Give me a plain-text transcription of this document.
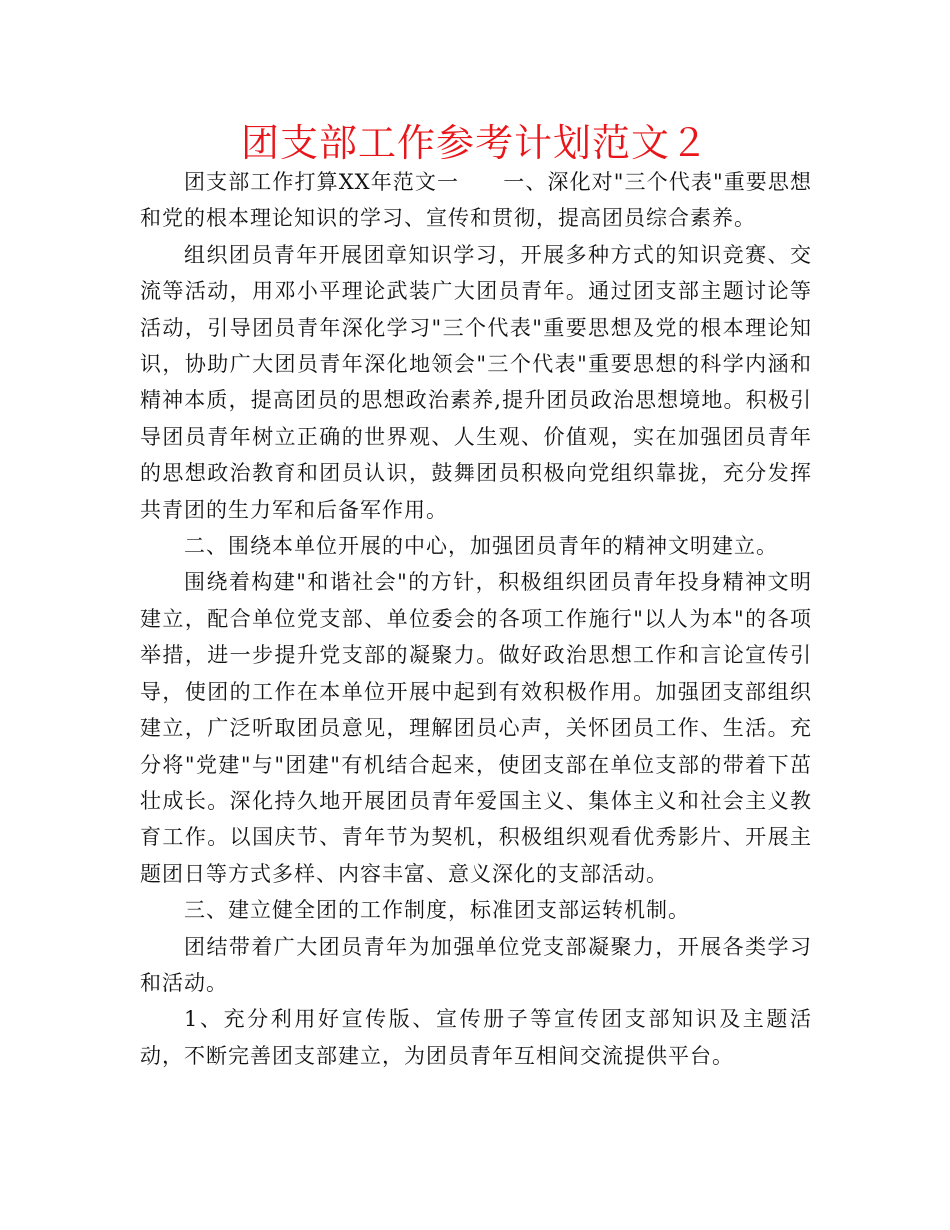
团支部工作参考计划范文２

团支部工作打算XX年范文一　　一、深化对"三个代表"重要思想和党的根本理论知识的学习、宣传和贯彻，提高团员综合素养。

组织团员青年开展团章知识学习，开展多种方式的知识竞赛、交流等活动，用邓小平理论武装广大团员青年。通过团支部主题讨论等活动，引导团员青年深化学习"三个代表"重要思想及党的根本理论知识，协助广大团员青年深化地领会"三个代表"重要思想的科学内涵和精神本质，提高团员的思想政治素养,提升团员政治思想境地。积极引导团员青年树立正确的世界观、人生观、价值观，实在加强团员青年的思想政治教育和团员认识，鼓舞团员积极向党组织靠拢，充分发挥共青团的生力军和后备军作用。

二、围绕本单位开展的中心，加强团员青年的精神文明建立。

围绕着构建"和谐社会"的方针，积极组织团员青年投身精神文明建立，配合单位党支部、单位委会的各项工作施行"以人为本"的各项举措，进一步提升党支部的凝聚力。做好政治思想工作和言论宣传引导，使团的工作在本单位开展中起到有效积极作用。加强团支部组织建立，广泛听取团员意见，理解团员心声，关怀团员工作、生活。充分将"党建"与"团建"有机结合起来，使团支部在单位支部的带着下茁壮成长。深化持久地开展团员青年爱国主义、集体主义和社会主义教育工作。以国庆节、青年节为契机，积极组织观看优秀影片、开展主题团日等方式多样、内容丰富、意义深化的支部活动。

三、建立健全团的工作制度，标准团支部运转机制。

团结带着广大团员青年为加强单位党支部凝聚力，开展各类学习和活动。

1、充分利用好宣传版、宣传册子等宣传团支部知识及主题活动，不断完善团支部建立，为团员青年互相间交流提供平台。
